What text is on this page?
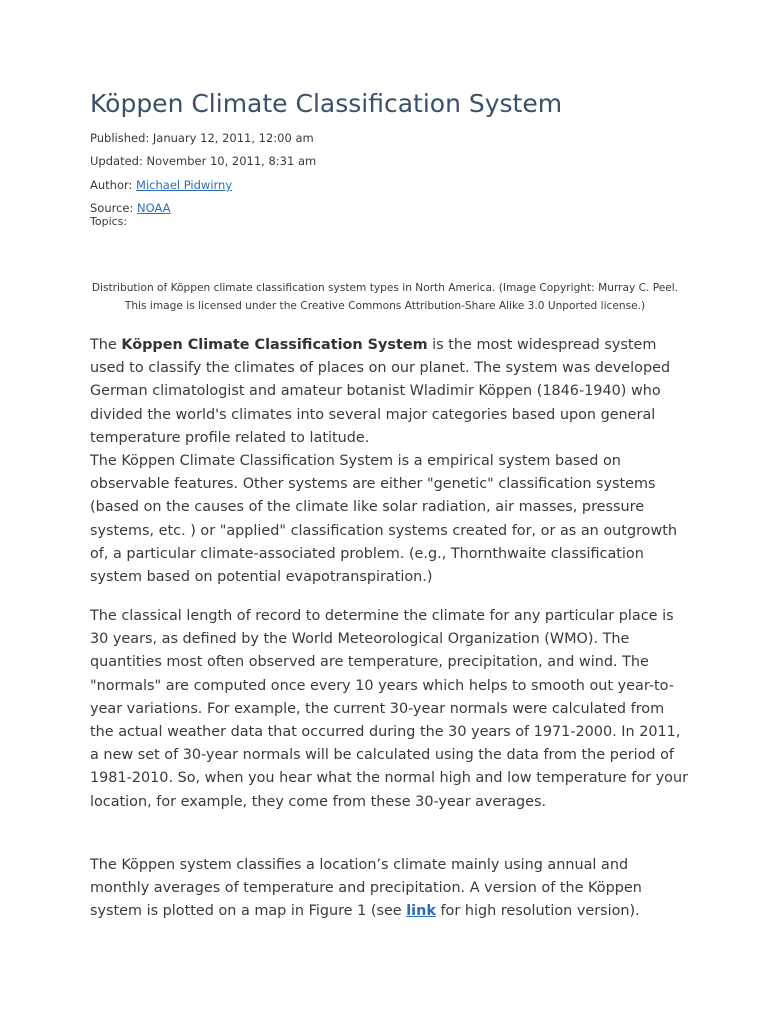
Köppen Climate Classification System
Published: January 12, 2011, 12:00 am
Updated: November 10, 2011, 8:31 am
Author: Michael Pidwirny
Source: NOAA
Topics:
Distribution of Köppen climate classification system types in North America. (Image Copyright: Murray C. Peel. This image is licensed under the Creative Commons Attribution-Share Alike 3.0 Unported license.)
The Köppen Climate Classification System is the most widespread system used to classify the climates of places on our planet. The system was developed German climatologist and amateur botanist Wladimir Köppen (1846-1940) who divided the world's climates into several major categories based upon general temperature profile related to latitude.
The Köppen Climate Classification System is a empirical system based on observable features. Other systems are either "genetic" classification systems (based on the causes of the climate like solar radiation, air masses, pressure systems, etc. ) or "applied" classification systems created for, or as an outgrowth of, a particular climate-associated problem. (e.g., Thornthwaite classification system based on potential evapotranspiration.)
The classical length of record to determine the climate for any particular place is 30 years, as defined by the World Meteorological Organization (WMO). The quantities most often observed are temperature, precipitation, and wind. The "normals" are computed once every 10 years which helps to smooth out year-to-year variations. For example, the current 30-year normals were calculated from the actual weather data that occurred during the 30 years of 1971-2000. In 2011, a new set of 30-year normals will be calculated using the data from the period of 1981-2010. So, when you hear what the normal high and low temperature for your location, for example, they come from these 30-year averages.
The Köppen system classifies a location’s climate mainly using annual and monthly averages of temperature and precipitation. A version of the Köppen system is plotted on a map in Figure 1 (see link for high resolution version).
